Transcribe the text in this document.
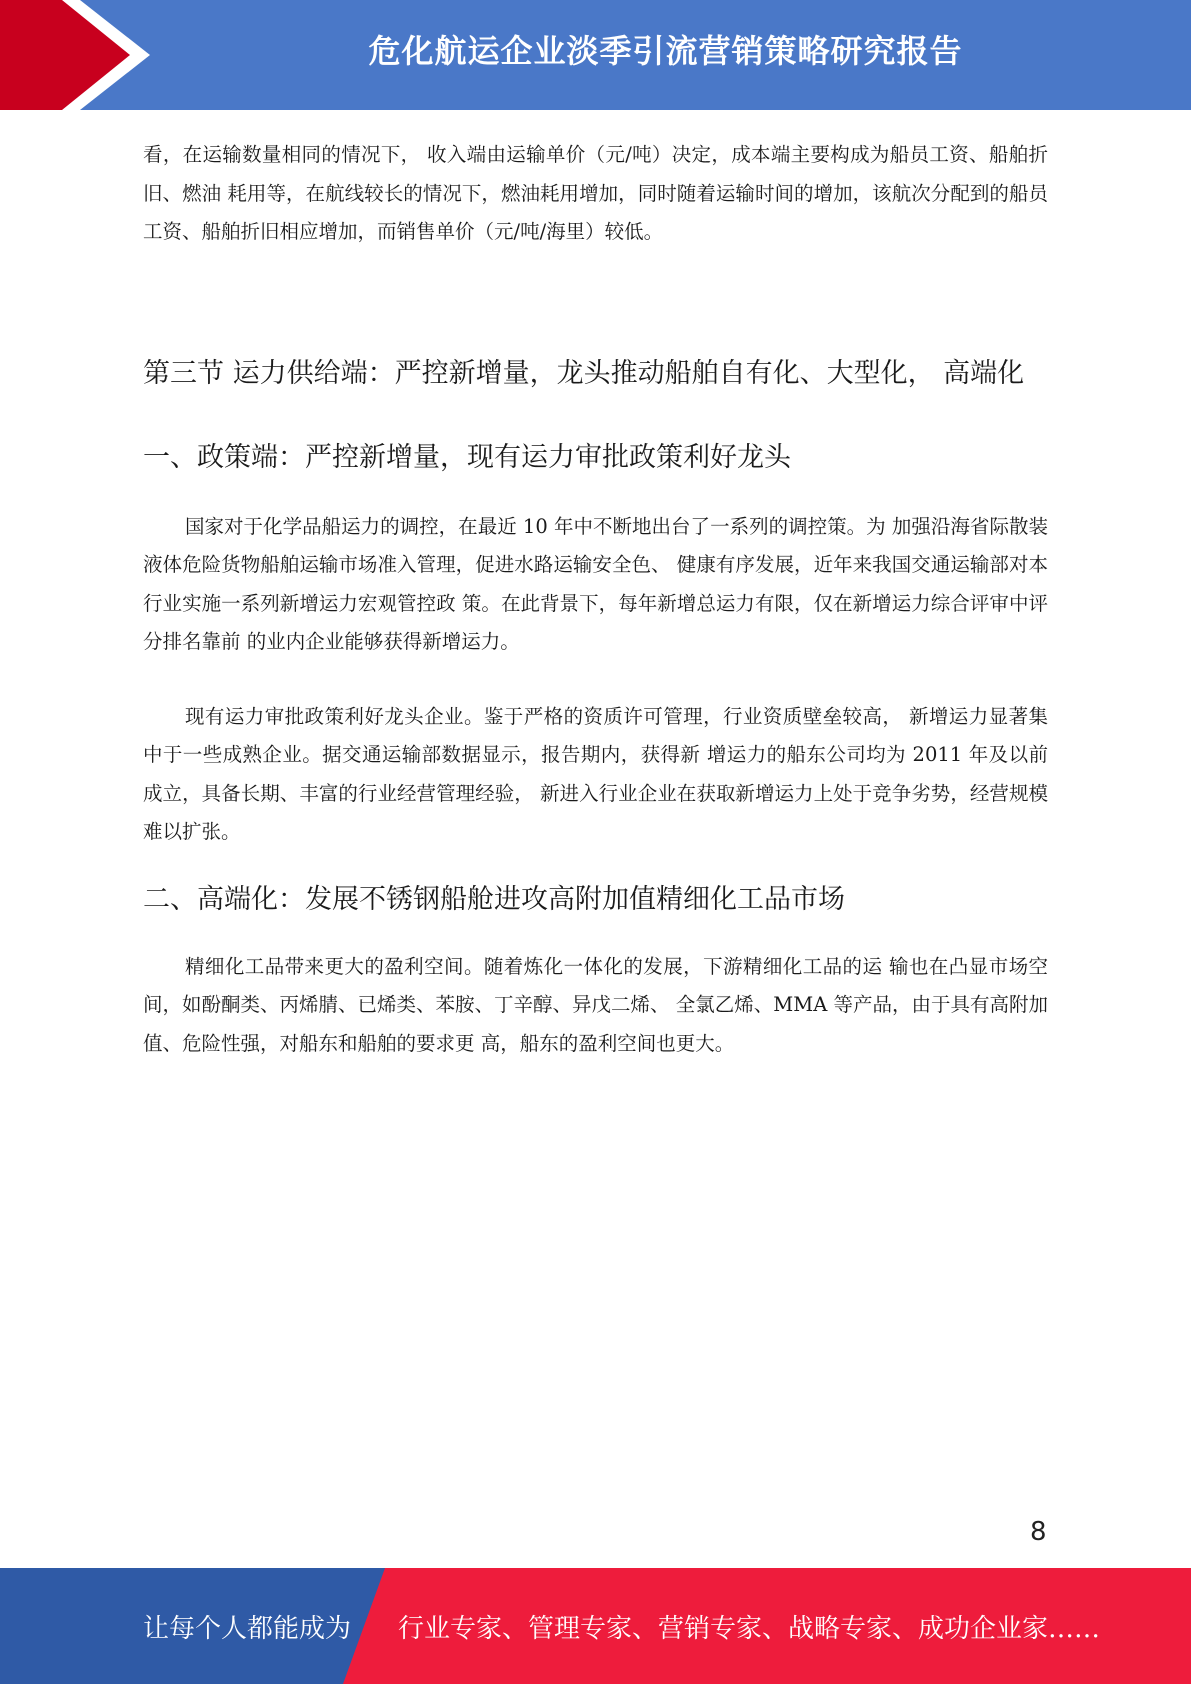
危化航运企业淡季引流营销策略研究报告

看，在运输数量相同的情况下， 收入端由运输单价（元/吨）决定，成本端主要构成为船员工资、船舶折旧、燃油 耗用等，在航线较长的情况下，燃油耗用增加，同时随着运输时间的增加，该航次分配到的船员工资、船舶折旧相应增加，而销售单价（元/吨/海里）较低。

第三节 运力供给端：严控新增量，龙头推动船舶自有化、大型化， 高端化
一、政策端：严控新增量，现有运力审批政策利好龙头

国家对于化学品船运力的调控，在最近 10 年中不断地出台了一系列的调控策。为 加强沿海省际散装液体危险货物船舶运输市场准入管理，促进水路运输安全色、 健康有序发展，近年来我国交通运输部对本行业实施一系列新增运力宏观管控政 策。在此背景下，每年新增总运力有限，仅在新增运力综合评审中评分排名靠前 的业内企业能够获得新增运力。

现有运力审批政策利好龙头企业。鉴于严格的资质许可管理，行业资质壁垒较高， 新增运力显著集中于一些成熟企业。据交通运输部数据显示，报告期内，获得新 增运力的船东公司均为 2011 年及以前成立，具备长期、丰富的行业经营管理经验， 新进入行业企业在获取新增运力上处于竞争劣势，经营规模难以扩张。

二、高端化：发展不锈钢船舱进攻高附加值精细化工品市场

精细化工品带来更大的盈利空间。随着炼化一体化的发展，下游精细化工品的运 输也在凸显市场空间，如酚酮类、丙烯腈、已烯类、苯胺、丁辛醇、异戊二烯、 全氯乙烯、MMA 等产品，由于具有高附加值、危险性强，对船东和船舶的要求更 高，船东的盈利空间也更大。

8
让每个人都能成为 行业专家、管理专家、营销专家、战略专家、成功企业家……
